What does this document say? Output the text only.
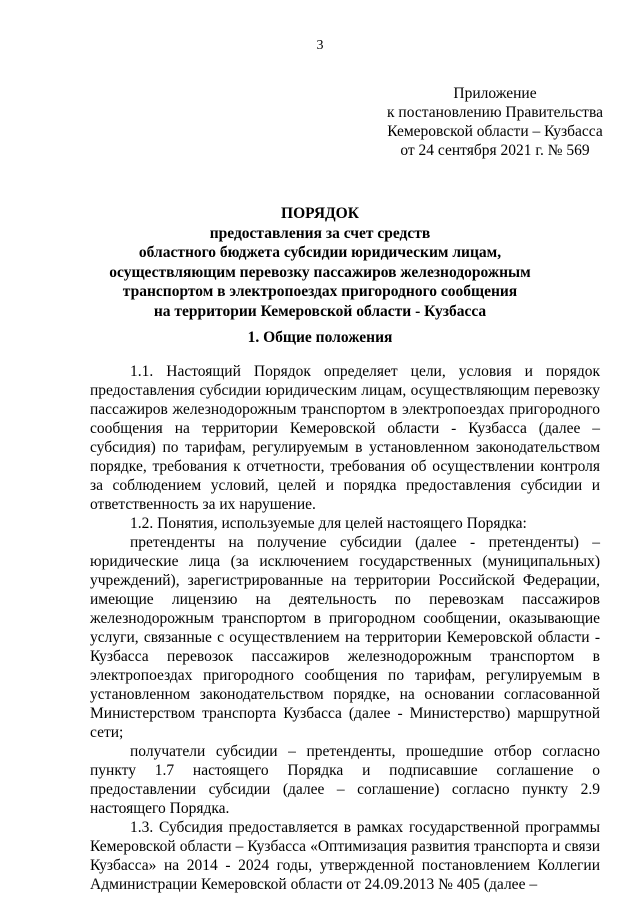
3
Приложение
к постановлению Правительства
Кемеровской области – Кузбасса
от 24 сентября 2021 г. № 569
ПОРЯДОК
предоставления за счет средств
областного бюджета субсидии юридическим лицам,
осуществляющим перевозку пассажиров железнодорожным
транспортом в электропоездах пригородного сообщения
на территории Кемеровской области - Кузбасса
1. Общие положения

1.1. Настоящий Порядок определяет цели, условия и порядок предоставления субсидии юридическим лицам, осуществляющим перевозку пассажиров железнодорожным транспортом в электропоездах пригородного сообщения на территории Кемеровской области - Кузбасса (далее – субсидия) по тарифам, регулируемым в установленном законодательством порядке, требования к отчетности, требования об осуществлении контроля за соблюдением условий, целей и порядка предоставления субсидии и ответственность за их нарушение.

1.2. Понятия, используемые для целей настоящего Порядка:

претенденты на получение субсидии (далее - претенденты) – юридические лица (за исключением государственных (муниципальных) учреждений), зарегистрированные на территории Российской Федерации, имеющие лицензию на деятельность по перевозкам пассажиров железнодорожным транспортом в пригородном сообщении, оказывающие услуги, связанные с осуществлением на территории Кемеровской области - Кузбасса перевозок пассажиров железнодорожным транспортом в электропоездах пригородного сообщения по тарифам, регулируемым в установленном законодательством порядке, на основании согласованной Министерством транспорта Кузбасса (далее - Министерство) маршрутной сети;

получатели субсидии – претенденты, прошедшие отбор согласно пункту 1.7 настоящего Порядка и подписавшие соглашение о предоставлении субсидии (далее – соглашение) согласно пункту 2.9 настоящего Порядка.

1.3. Субсидия предоставляется в рамках государственной программы Кемеровской области – Кузбасса «Оптимизация развития транспорта и связи Кузбасса» на 2014 - 2024 годы, утвержденной постановлением Коллегии Администрации Кемеровской области от 24.09.2013 № 405 (далее –
